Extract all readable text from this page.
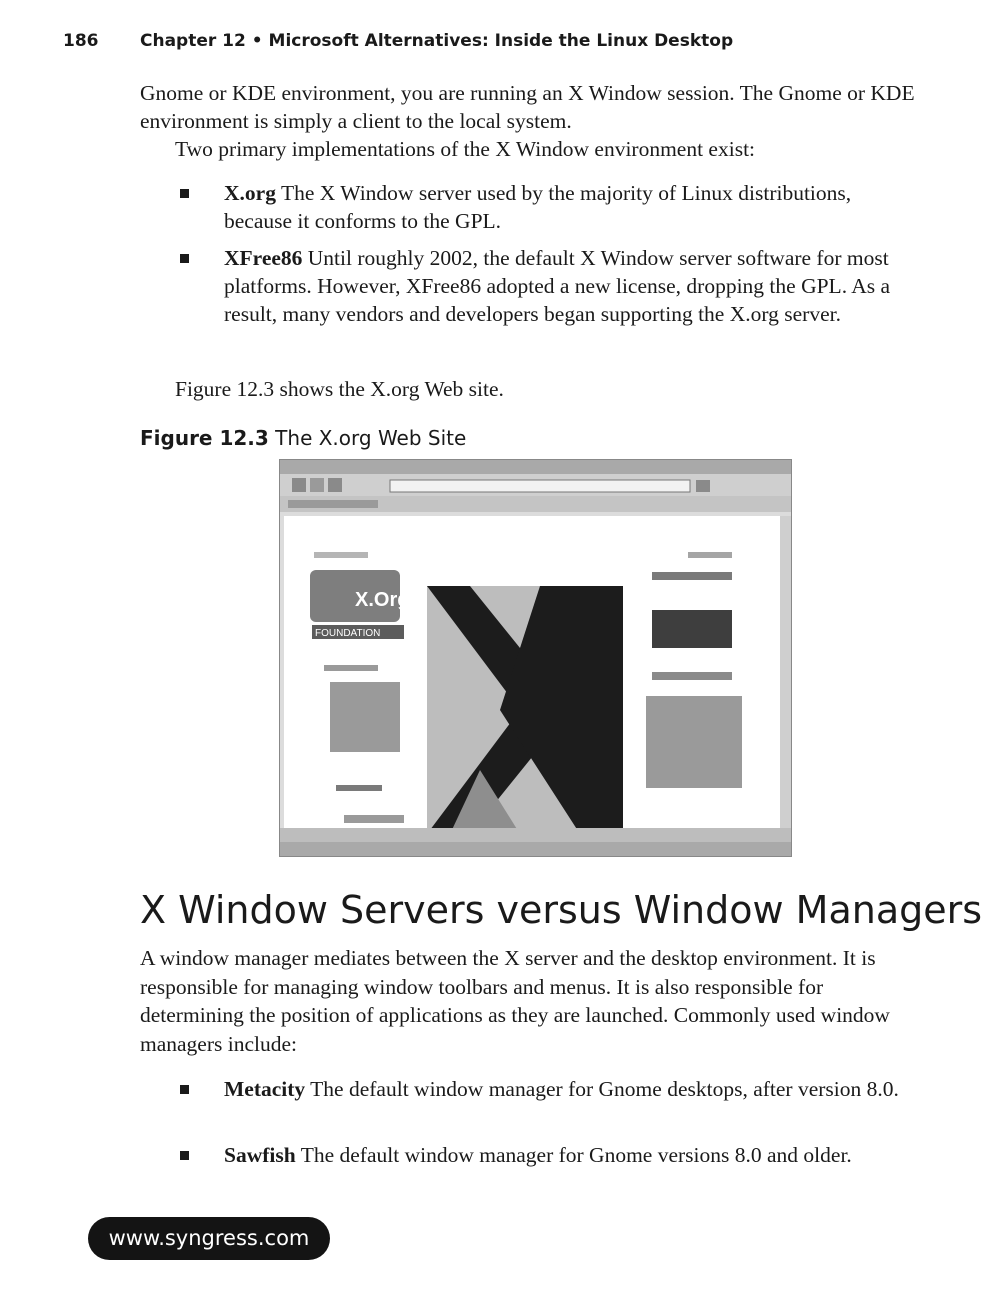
186 Chapter 12 • Microsoft Alternatives: Inside the Linux Desktop

Gnome or KDE environment, you are running an X Window session. The Gnome or KDE environment is simply a client to the local system.

Two primary implementations of the X Window environment exist:

X.org The X Window server used by the majority of Linux distributions, because it conforms to the GPL.
XFree86 Until roughly 2002, the default X Window server software for most platforms. However, XFree86 adopted a new license, dropping the GPL. As a result, many vendors and developers began supporting the X.org server.

Figure 12.3 shows the X.org Web site.

Figure 12.3 The X.org Web Site
X.Org
FOUNDATION
X Window Servers versus Window Managers

A window manager mediates between the X server and the desktop environment. It is responsible for managing window toolbars and menus. It is also responsible for determining the position of applications as they are launched. Commonly used window managers include:

Metacity The default window manager for Gnome desktops, after version 8.0.
Sawfish The default window manager for Gnome versions 8.0 and older.
www.syngress.com
